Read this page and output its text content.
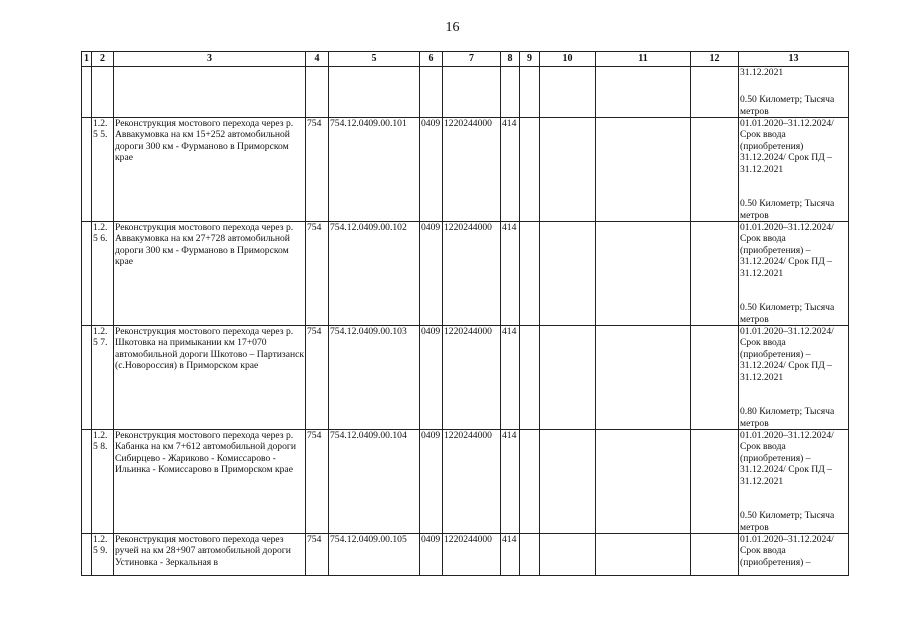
16
1	2	3	4	5	6	7	8	9	10	11	12	13

												31.12.2021
0.50 Километр; Тысяча метров

	1.2.5 5.	Реконструкция мостового перехода через р. Аввакумовка на км 15+252 автомобильной дороги 300 км - Фурманово в Приморском крае	754	754.12.0409.00.101	0409	1220244000	414					01.01.2020–31.12.2024/ Срок ввода (приобретения) 31.12.2024/ Срок ПД – 31.12.2021
0.50 Километр; Тысяча метров

	1.2.5 6.	Реконструкция мостового перехода через р. Аввакумовка на км 27+728 автомобильной дороги 300 км - Фурманово в Приморском крае	754	754.12.0409.00.102	0409	1220244000	414					01.01.2020–31.12.2024/ Срок ввода (приобретения) – 31.12.2024/ Срок ПД – 31.12.2021
0.50 Километр; Тысяча метров

	1.2.5 7.	Реконструкция мостового перехода через р. Шкотовка на примыкании км 17+070 автомобильной дороги Шкотово – Партизанск (с.Новороссия) в Приморском крае	754	754.12.0409.00.103	0409	1220244000	414					01.01.2020–31.12.2024/ Срок ввода (приобретения) – 31.12.2024/ Срок ПД – 31.12.2021
0.80 Километр; Тысяча метров

	1.2.5 8.	Реконструкция мостового перехода через р. Кабанка на км 7+612 автомобильной дороги Сибирцево - Жариково - Комиссарово - Ильинка - Комиссарово в Приморском крае	754	754.12.0409.00.104	0409	1220244000	414					01.01.2020–31.12.2024/ Срок ввода (приобретения) – 31.12.2024/ Срок ПД – 31.12.2021
0.50 Километр; Тысяча метров

	1.2.5 9.	Реконструкция мостового перехода через ручей на км 28+907 автомобильной дороги Устиновка - Зеркальная в	754	754.12.0409.00.105	0409	1220244000	414					01.01.2020–31.12.2024/ Срок ввода (приобретения) –
